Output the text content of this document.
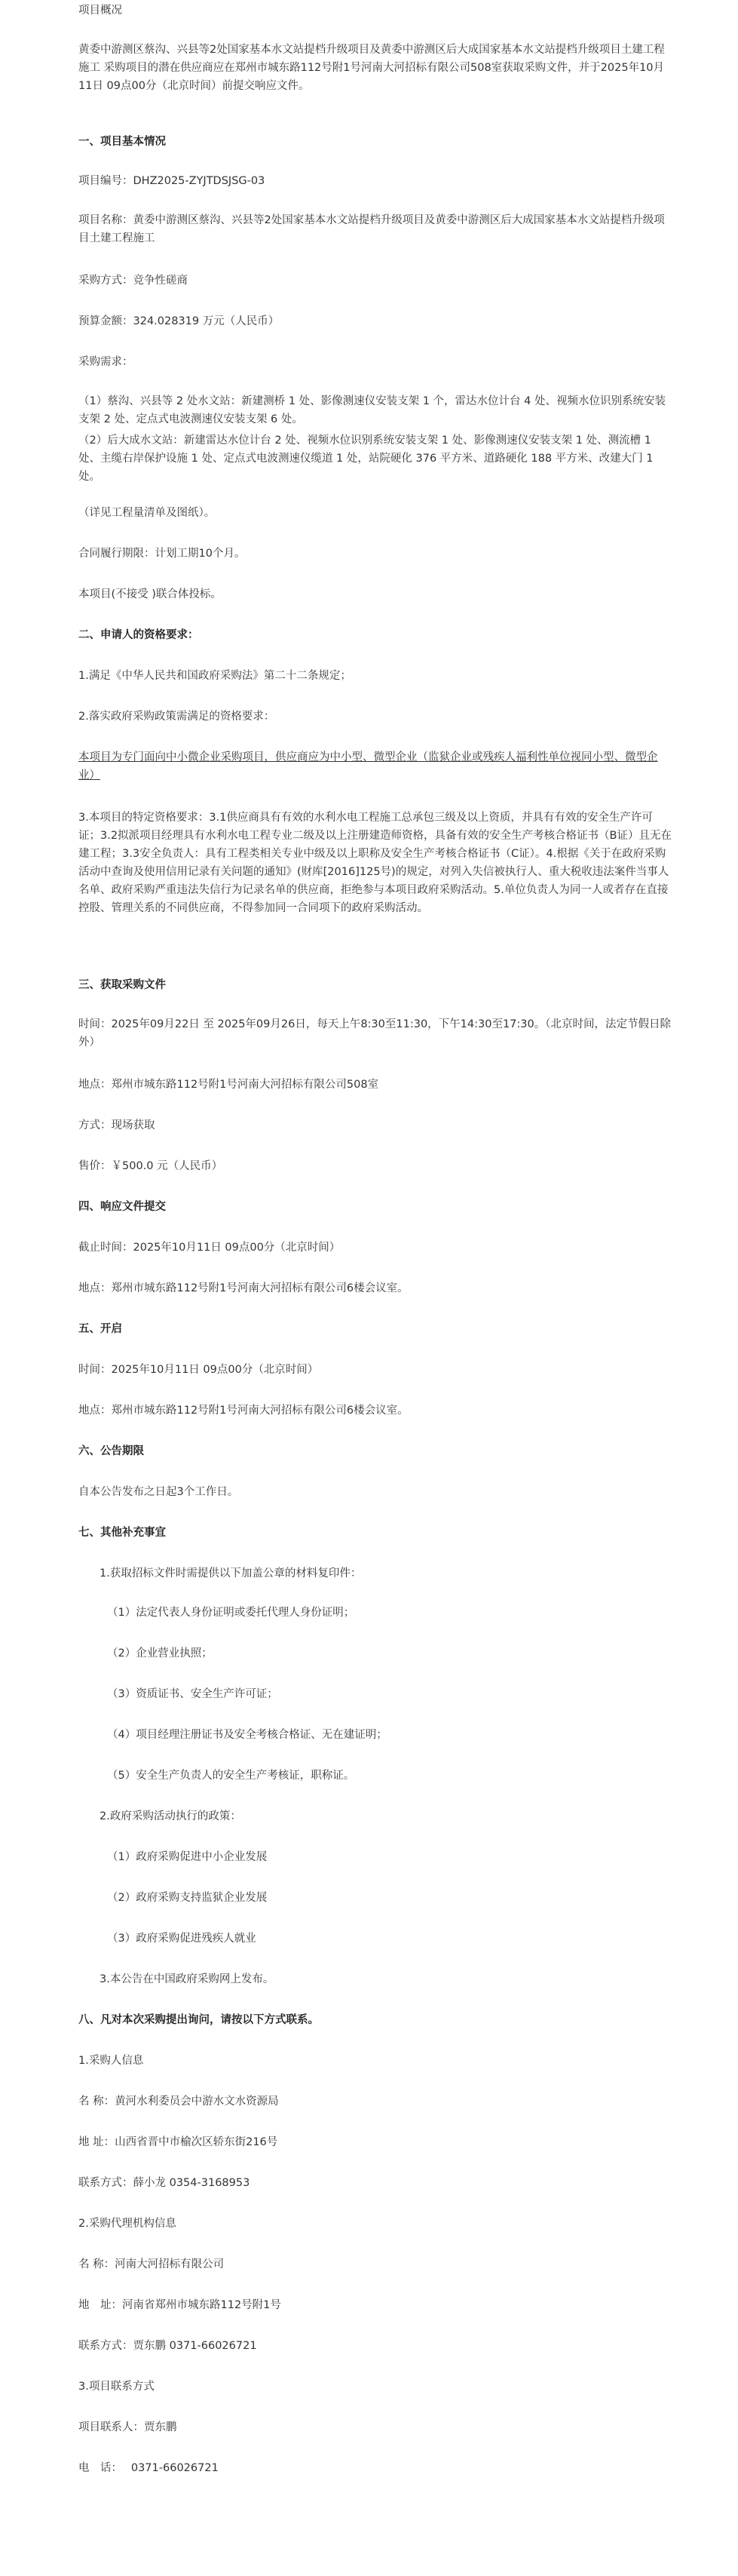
项目概况

黄委中游测区蔡沟、兴县等2处国家基本水文站提档升级项目及黄委中游测区后大成国家基本水文站提档升级项目土建工程施工 采购项目的潜在供应商应在郑州市城东路112号附1号河南大河招标有限公司508室获取采购文件，并于2025年10月11日 09点00分（北京时间）前提交响应文件。

一、项目基本情况

项目编号：DHZ2025-ZYJTDSJSG-03

项目名称：黄委中游测区蔡沟、兴县等2处国家基本水文站提档升级项目及黄委中游测区后大成国家基本水文站提档升级项目土建工程施工

采购方式：竞争性磋商

预算金额：324.028319 万元（人民币）

采购需求：

（1）蔡沟、兴县等 2 处水文站：新建测桥 1 处、影像测速仪安装支架 1 个，雷达水位计台 4 处、视频水位识别系统安装支架 2 处、定点式电波测速仪安装支架 6 处。

（2）后大成水文站：新建雷达水位计台 2 处、视频水位识别系统安装支架 1 处、影像测速仪安装支架 1 处、测流槽 1 处、主缆右岸保护设施 1 处、定点式电波测速仪缆道 1 处，站院硬化 376 平方米、道路硬化 188 平方米、改建大门 1 处。

（详见工程量清单及图纸）。

合同履行期限：计划工期10个月。

本项目(不接受 )联合体投标。

二、申请人的资格要求：

1.满足《中华人民共和国政府采购法》第二十二条规定；

2.落实政府采购政策需满足的资格要求：

本项目为专门面向中小微企业采购项目，供应商应为中小型、微型企业（监狱企业或残疾人福利性单位视同小型、微型企业）

3.本项目的特定资格要求：3.1供应商具有有效的水利水电工程施工总承包三级及以上资质，并具有有效的安全生产许可证；3.2拟派项目经理具有水利水电工程专业二级及以上注册建造师资格，具备有效的安全生产考核合格证书（B证）且无在建工程；3.3安全负责人：具有工程类相关专业中级及以上职称及安全生产考核合格证书（C证）。4.根据《关于在政府采购活动中查询及使用信用记录有关问题的通知》(财库[2016]125号)的规定，对列入失信被执行人、重大税收违法案件当事人名单、政府采购严重违法失信行为记录名单的供应商，拒绝参与本项目政府采购活动。5.单位负责人为同一人或者存在直接控股、管理关系的不同供应商，不得参加同一合同项下的政府采购活动。

三、获取采购文件

时间：2025年09月22日 至 2025年09月26日，每天上午8:30至11:30，下午14:30至17:30。（北京时间，法定节假日除外）

地点：郑州市城东路112号附1号河南大河招标有限公司508室

方式：现场获取

售价：￥500.0 元（人民币）

四、响应文件提交

截止时间：2025年10月11日 09点00分（北京时间）

地点：郑州市城东路112号附1号河南大河招标有限公司6楼会议室。

五、开启

时间：2025年10月11日 09点00分（北京时间）

地点：郑州市城东路112号附1号河南大河招标有限公司6楼会议室。

六、公告期限

自本公告发布之日起3个工作日。

七、其他补充事宜

1.获取招标文件时需提供以下加盖公章的材料复印件：

（1）法定代表人身份证明或委托代理人身份证明；

（2）企业营业执照；

（3）资质证书、安全生产许可证；

（4）项目经理注册证书及安全考核合格证、无在建证明；

（5）安全生产负责人的安全生产考核证，职称证。

2.政府采购活动执行的政策：

（1）政府采购促进中小企业发展

（2）政府采购支持监狱企业发展

（3）政府采购促进残疾人就业

3.本公告在中国政府采购网上发布。

八、凡对本次采购提出询问，请按以下方式联系。

1.采购人信息

名 称：黄河水利委员会中游水文水资源局

地 址：山西省晋中市榆次区轿东街216号

联系方式：薛小龙 0354-3168953

2.采购代理机构信息

名 称：河南大河招标有限公司

地　址：河南省郑州市城东路112号附1号

联系方式：贾东鹏 0371-66026721

3.项目联系方式

项目联系人：贾东鹏

电　话：　 0371-66026721
